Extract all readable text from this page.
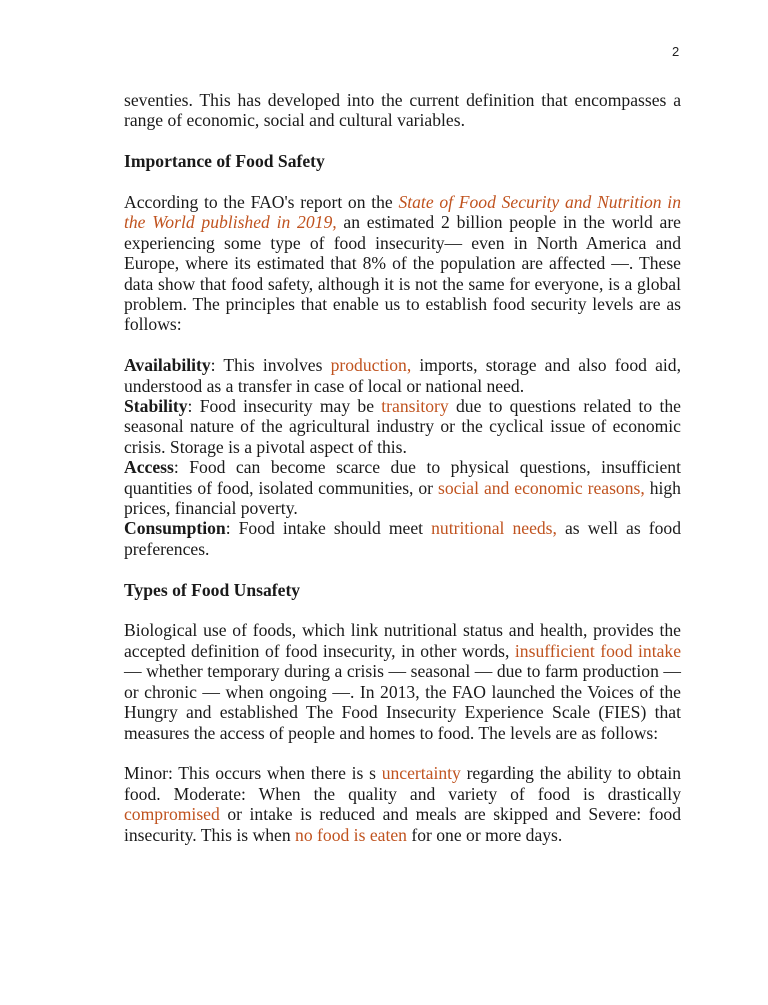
2

seventies. This has developed into the current definition that encompasses a range of economic, social and cultural variables.

Importance of Food Safety

According to the FAO's report on the State of Food Security and Nutrition in the World published in 2019, an estimated 2 billion people in the world are experiencing some type of food insecurity— even in North America and Europe, where its estimated that 8% of the population are affected —. These data show that food safety, although it is not the same for everyone, is a global problem. The principles that enable us to establish food security levels are as follows:

Availability: This involves production, imports, storage and also food aid, understood as a transfer in case of local or national need.

Stability: Food insecurity may be transitory due to questions related to the seasonal nature of the agricultural industry or the cyclical issue of economic crisis. Storage is a pivotal aspect of this.

Access: Food can become scarce due to physical questions, insufficient quantities of food, isolated communities, or social and economic reasons, high prices, financial poverty.

Consumption: Food intake should meet nutritional needs, as well as food preferences.

Types of Food Unsafety

Biological use of foods, which link nutritional status and health, provides the accepted definition of food insecurity, in other words, insufficient food intake — whether temporary during a crisis — seasonal — due to farm production — or chronic — when ongoing —. In 2013, the FAO launched the Voices of the Hungry and established The Food Insecurity Experience Scale (FIES) that measures the access of people and homes to food. The levels are as follows:

Minor: This occurs when there is s uncertainty regarding the ability to obtain food. Moderate: When the quality and variety of food is drastically compromised or intake is reduced and meals are skipped and Severe: food insecurity. This is when no food is eaten for one or more days.
